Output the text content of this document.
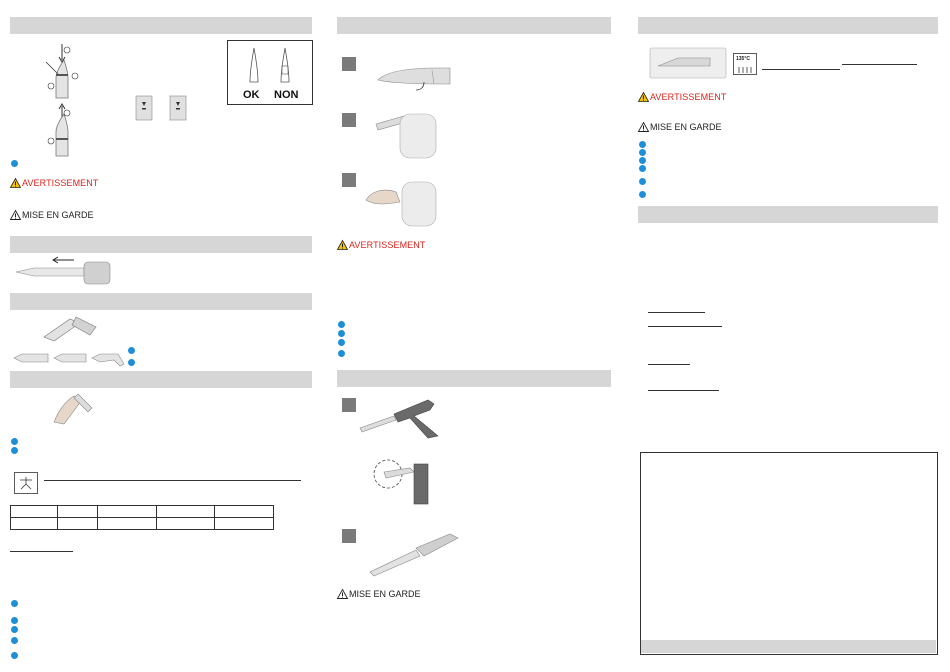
OK NON
AVERTISSEMENT
MISE EN GARDE

AVERTISSEMENT
MISE EN GARDE
135°C
AVERTISSEMENT
MISE EN GARDE
